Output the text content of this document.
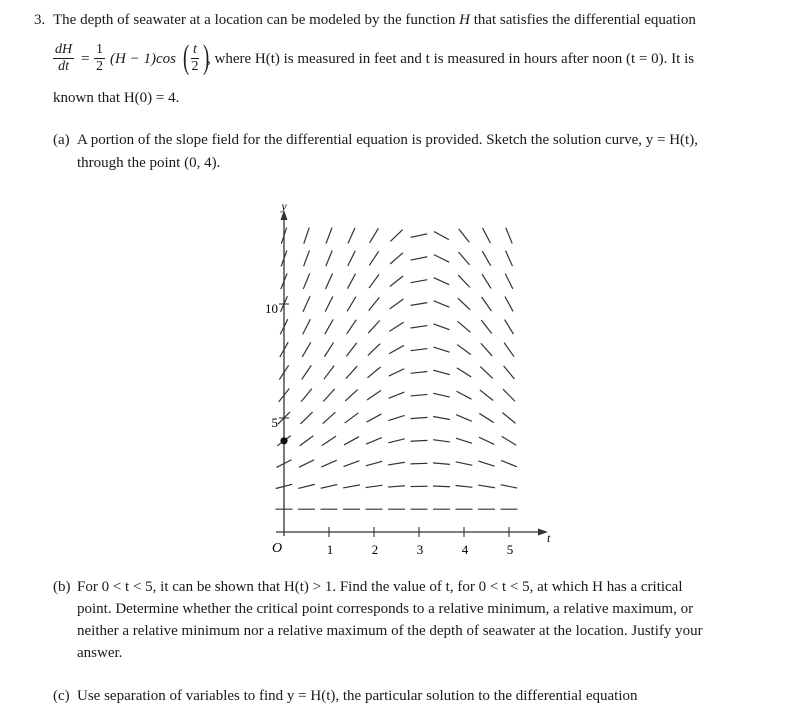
3. The depth of seawater at a location can be modeled by the function H that satisfies the differential equation
$\frac{dH}{dt} = \frac{1}{2} (H - 1)\cos$ ( $\frac{t}{2}$ )
, where H(t) is measured in feet and t is measured in hours after noon (t = 0). It is
known that H(0) = 4.
(a) A portion of the slope field for the differential equation is provided. Sketch the solution curve, y = H(t),
through the point (0, 4).
y
t
O	1	2	3	4	5
5
10
(b) For 0 < t < 5, it can be shown that H(t) > 1. Find the value of t, for 0 < t < 5, at which H has a critical
point. Determine whether the critical point corresponds to a relative minimum, a relative maximum, or
neither a relative minimum nor a relative maximum of the depth of seawater at the location. Justify your
answer.
(c) Use separation of variables to find y = H(t), the particular solution to the differential equation
